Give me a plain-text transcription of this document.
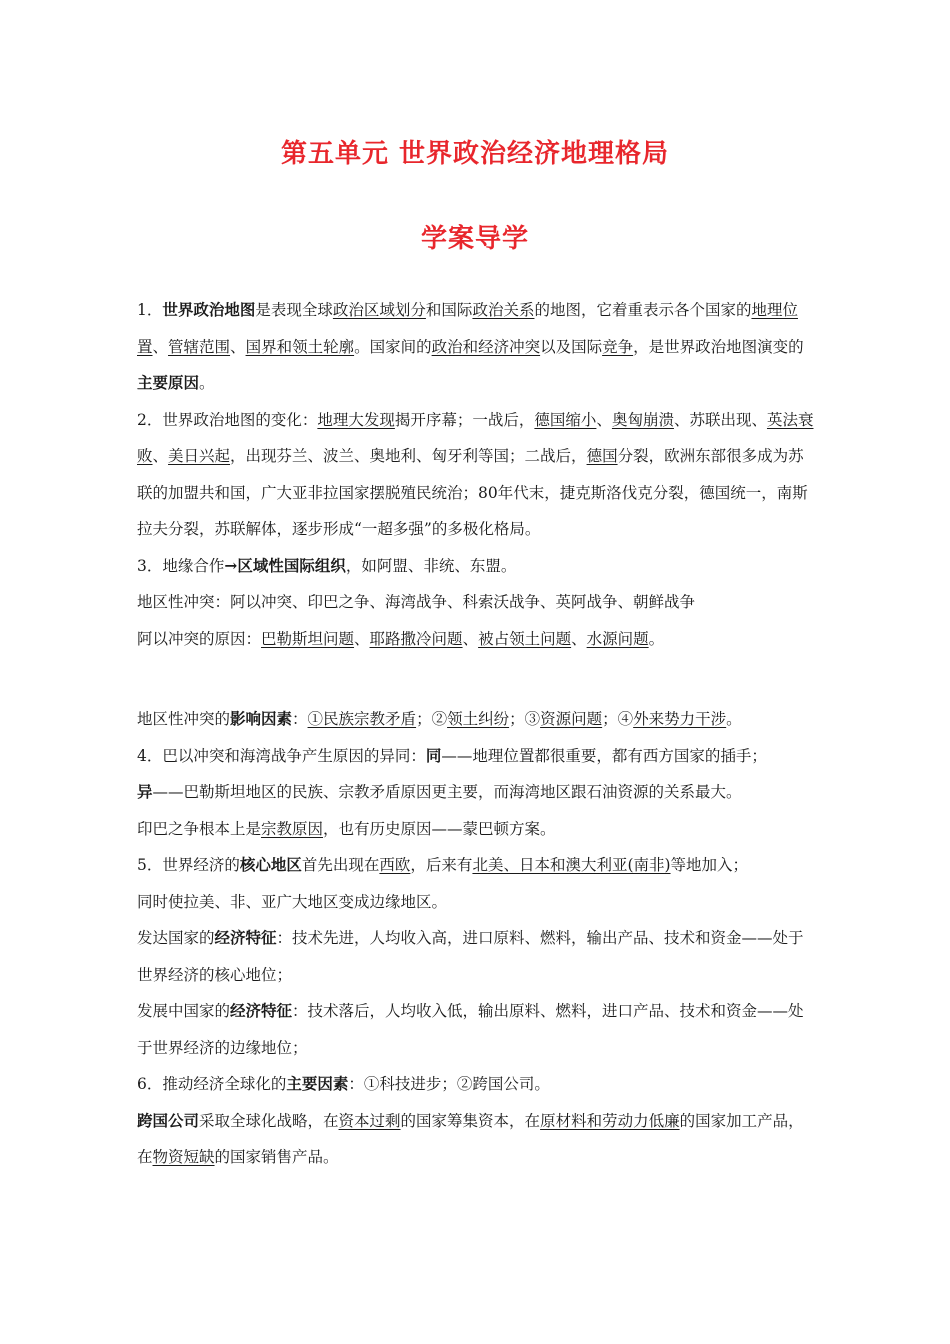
第五单元 世界政治经济地理格局
学案导学

1．世界政治地图是表现全球政治区域划分和国际政治关系的地图，它着重表示各个国家的地理位置、管辖范围、国界和领土轮廓。国家间的政治和经济冲突以及国际竞争，是世界政治地图演变的主要原因。

2．世界政治地图的变化：地理大发现揭开序幕；一战后，德国缩小、奥匈崩溃、苏联出现、英法衰败、美日兴起，出现芬兰、波兰、奥地利、匈牙利等国；二战后，德国分裂，欧洲东部很多成为苏联的加盟共和国，广大亚非拉国家摆脱殖民统治；80年代末，捷克斯洛伐克分裂，德国统一，南斯拉夫分裂，苏联解体，逐步形成“一超多强”的多极化格局。

3．地缘合作→区域性国际组织，如阿盟、非统、东盟。

地区性冲突：阿以冲突、印巴之争、海湾战争、科索沃战争、英阿战争、朝鲜战争

阿以冲突的原因：巴勒斯坦问题、耶路撒冷问题、被占领土问题、水源问题。

地区性冲突的影响因素：①民族宗教矛盾；②领土纠纷；③资源问题；④外来势力干涉。

4．巴以冲突和海湾战争产生原因的异同：同——地理位置都很重要，都有西方国家的插手；

异——巴勒斯坦地区的民族、宗教矛盾原因更主要，而海湾地区跟石油资源的关系最大。

印巴之争根本上是宗教原因，也有历史原因——蒙巴顿方案。

5．世界经济的核心地区首先出现在西欧，后来有北美、日本和澳大利亚(南非)等地加入；

同时使拉美、非、亚广大地区变成边缘地区。

发达国家的经济特征：技术先进，人均收入高，进口原料、燃料，输出产品、技术和资金——处于世界经济的核心地位；

发展中国家的经济特征：技术落后，人均收入低，输出原料、燃料，进口产品、技术和资金——处于世界经济的边缘地位；

6．推动经济全球化的主要因素：①科技进步；②跨国公司。

跨国公司采取全球化战略，在资本过剩的国家筹集资本，在原材料和劳动力低廉的国家加工产品，在物资短缺的国家销售产品。
